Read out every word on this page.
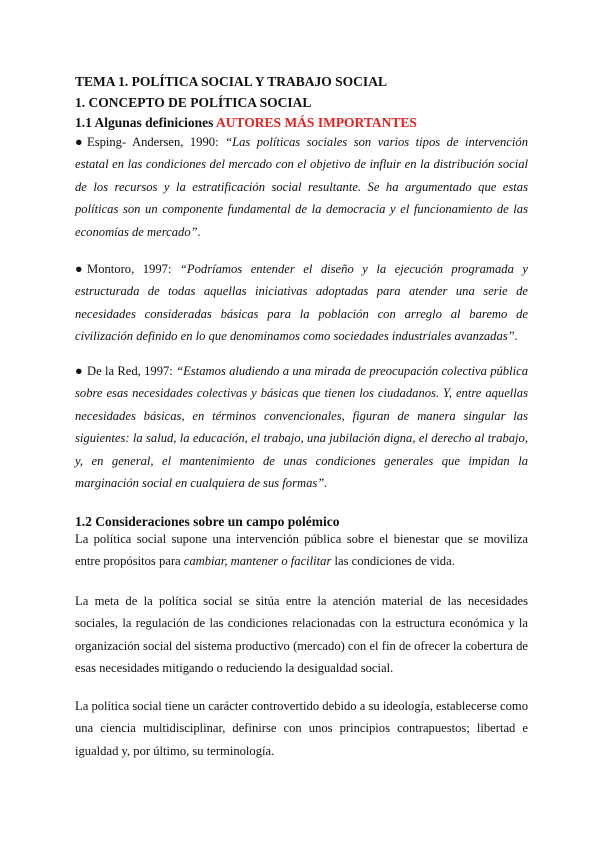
TEMA 1. POLÍTICA SOCIAL Y TRABAJO SOCIAL

1. CONCEPTO DE POLÍTICA SOCIAL

1.1 Algunas definiciones AUTORES MÁS IMPORTANTES

● Esping- Andersen, 1990: “Las políticas sociales son varios tipos de intervención estatal en las condiciones del mercado con el objetivo de influir en la distribución social de los recursos y la estratificación social resultante. Se ha argumentado que estas políticas son un componente fundamental de la democracia y el funcionamiento de las economías de mercado”.

● Montoro, 1997: “Podríamos entender el diseño y la ejecución programada y estructurada de todas aquellas iniciativas adoptadas para atender una serie de necesidades consideradas básicas para la población con arreglo al baremo de civilización definido en lo que denominamos como sociedades industriales avanzadas”.

● De la Red, 1997: “Estamos aludiendo a una mirada de preocupación colectiva pública sobre esas necesidades colectivas y básicas que tienen los ciudadanos. Y, entre aquellas necesidades básicas, en términos convencionales, figuran de manera singular las siguientes: la salud, la educación, el trabajo, una jubilación digna, el derecho al trabajo, y, en general, el mantenimiento de unas condiciones generales que impidan la marginación social en cualquiera de sus formas”.

1.2 Consideraciones sobre un campo polémico

La política social supone una intervención pública sobre el bienestar que se moviliza entre propósitos para cambiar, mantener o facilitar las condiciones de vida.

La meta de la política social se sitúa entre la atención material de las necesidades sociales, la regulación de las condiciones relacionadas con la estructura económica y la organización social del sistema productivo (mercado) con el fin de ofrecer la cobertura de esas necesidades mitigando o reduciendo la desigualdad social.

La política social tiene un carácter controvertido debido a su ideología, establecerse como una ciencia multidisciplinar, definirse con unos principios contrapuestos; libertad e igualdad y, por último, su terminología.
